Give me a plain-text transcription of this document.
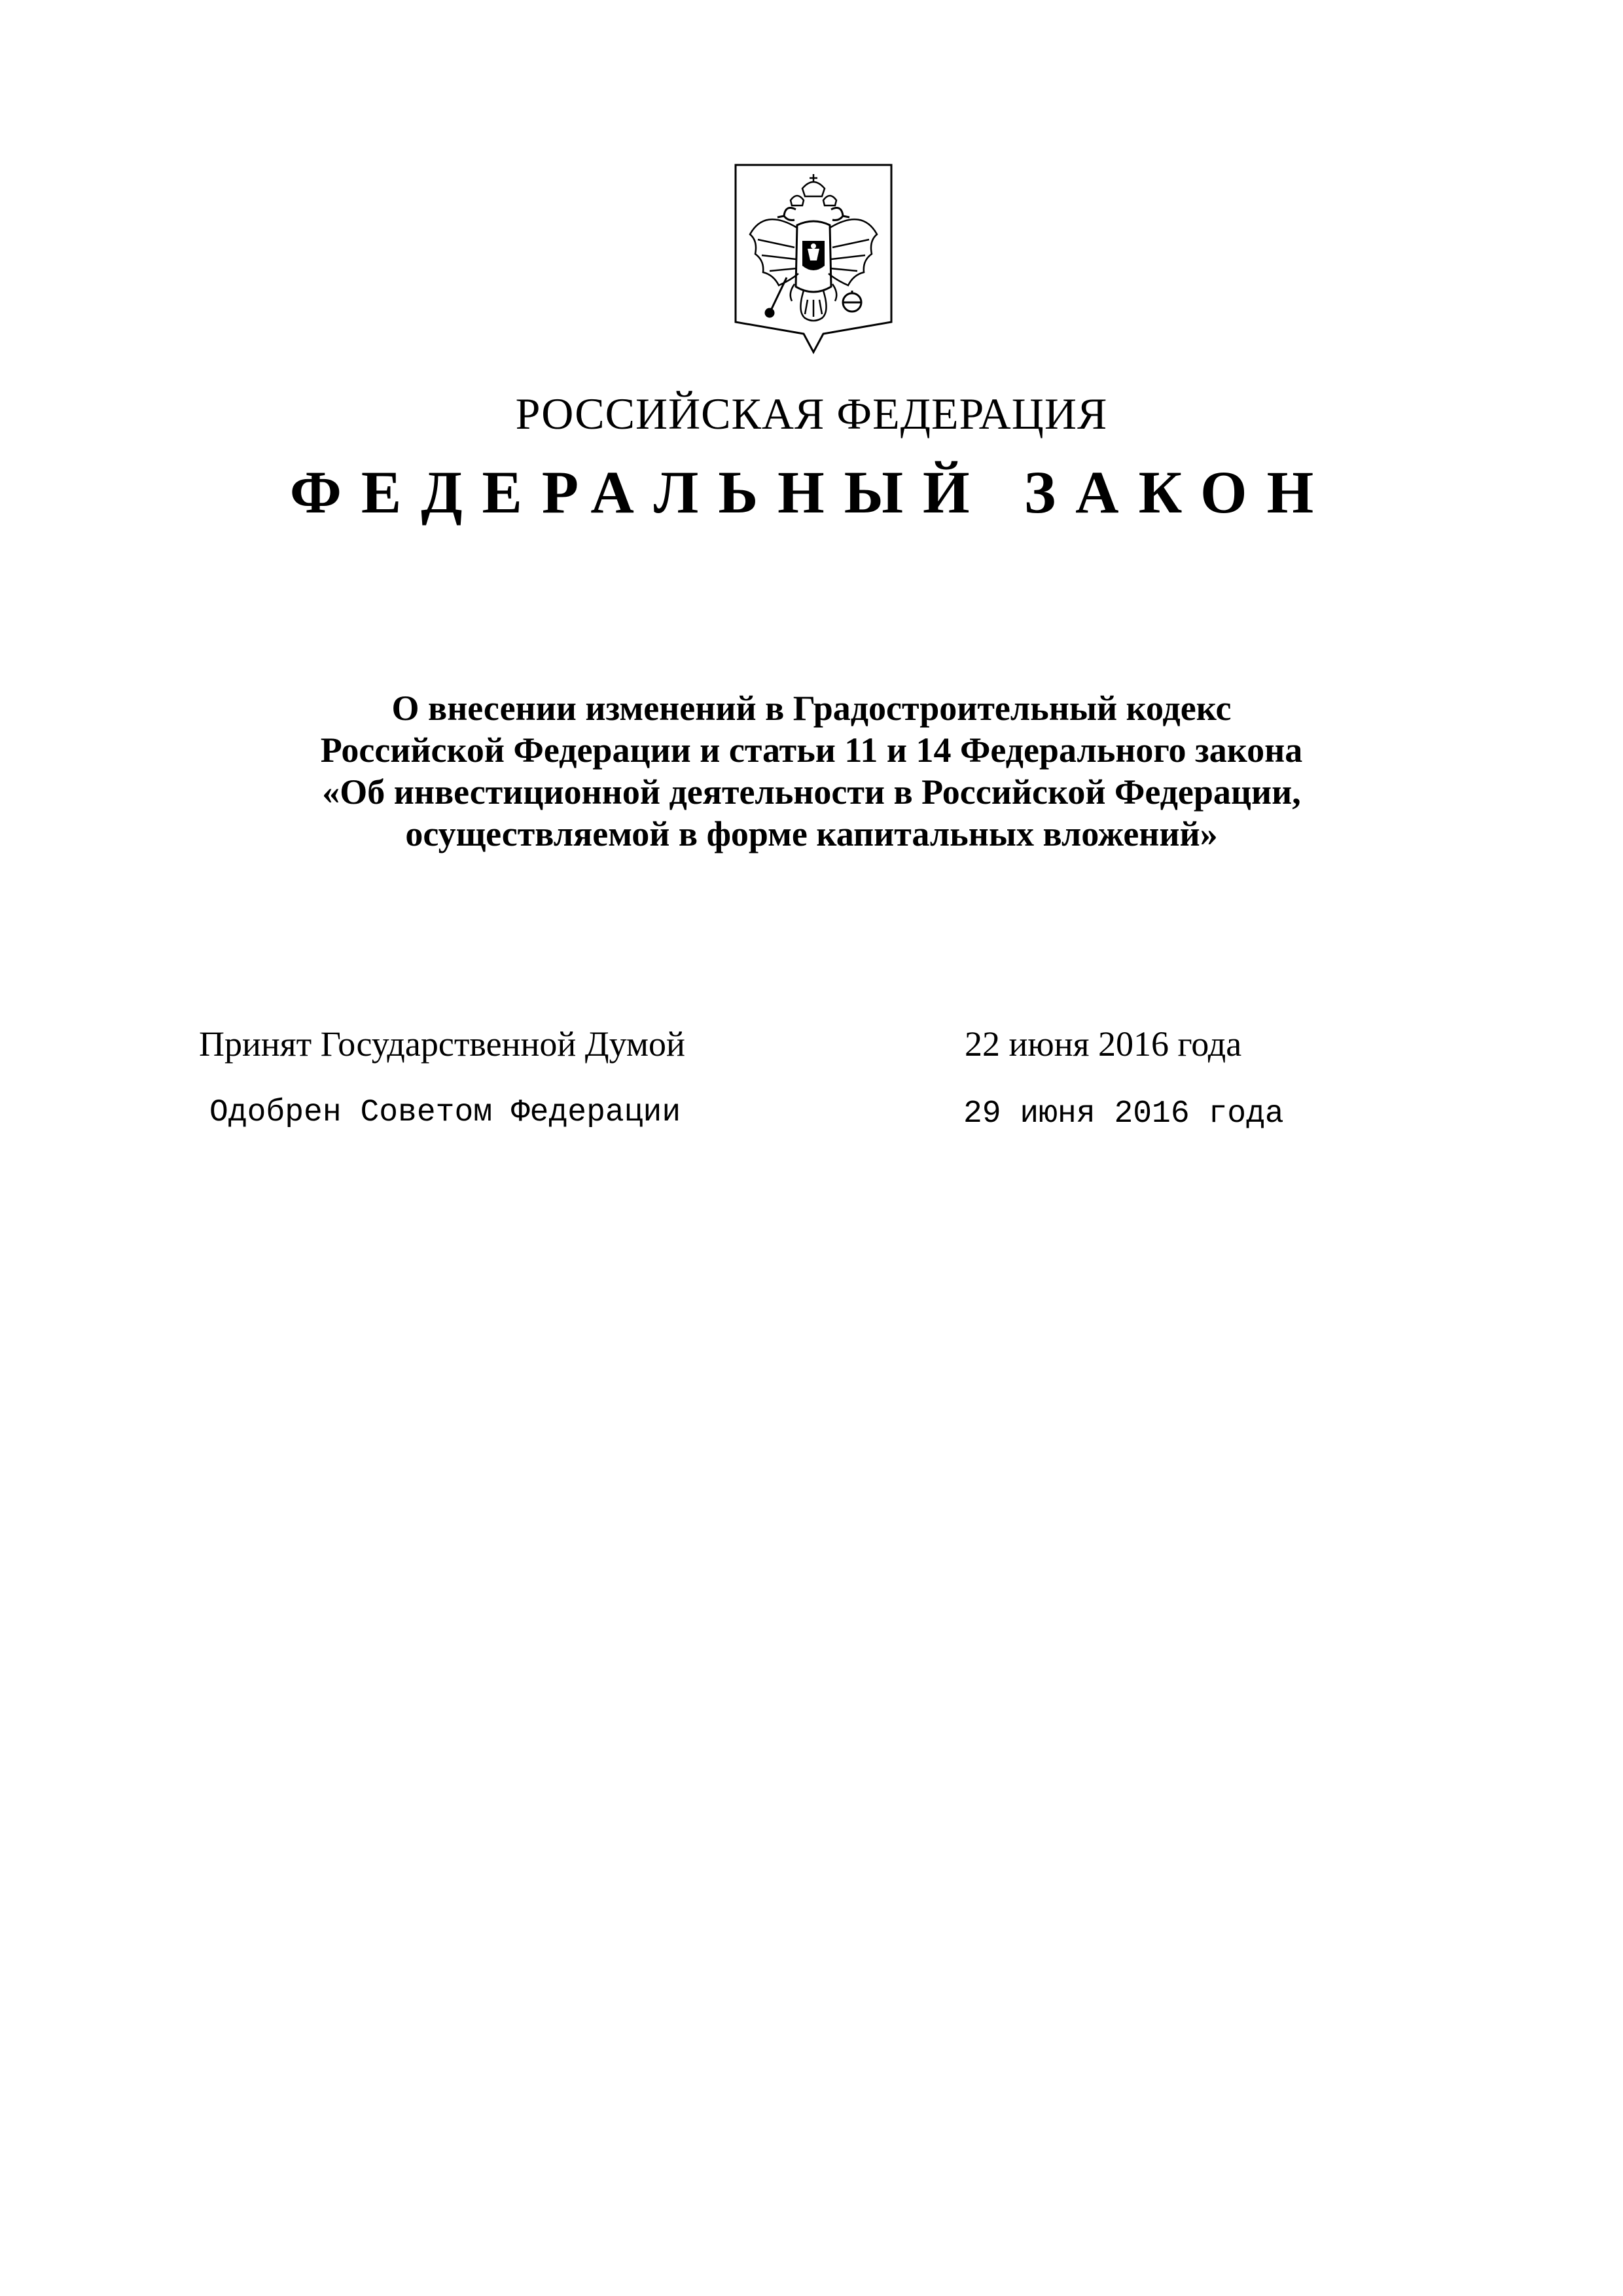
РОССИЙСКАЯ ФЕДЕРАЦИЯ
ФЕДЕРАЛЬНЫЙ ЗАКОН
О внесении изменений в Градостроительный кодекс
Российской Федерации и статьи 11 и 14 Федерального закона
«Об инвестиционной деятельности в Российской Федерации,
осуществляемой в форме капитальных вложений»
Принят Государственной Думой	22 июня 2016 года
Одобрен Советом Федерации	29 июня 2016 года
